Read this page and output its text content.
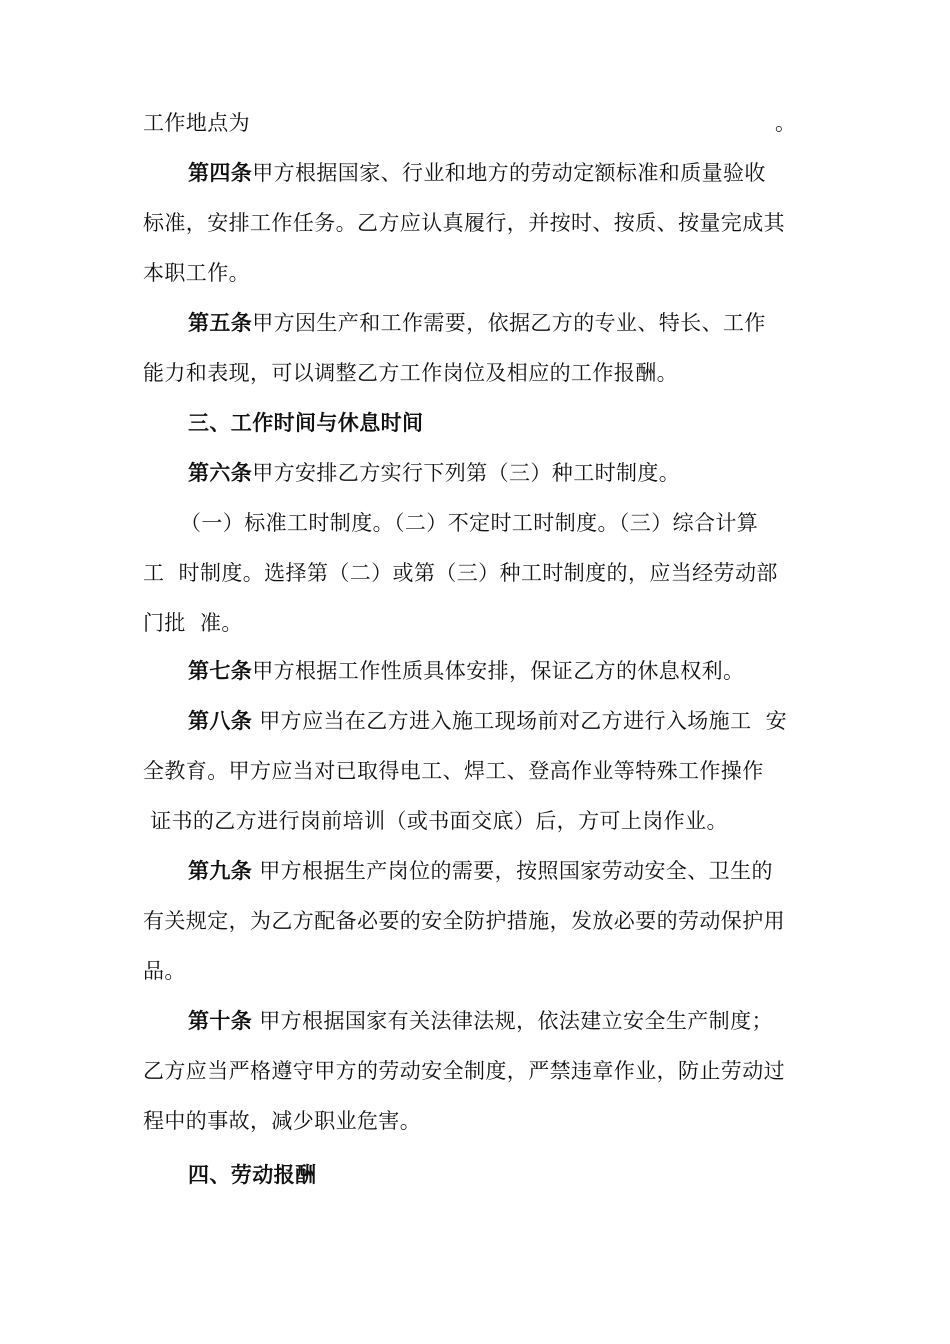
工作地点为	。
第四条甲方根据国家、行业和地方的劳动定额标准和质量验收
标准，安排工作任务。乙方应认真履行，并按时、按质、按量完成其
本职工作。
第五条甲方因生产和工作需要，依据乙方的专业、特长、工作
能力和表现，可以调整乙方工作岗位及相应的工作报酬。
三、工作时间与休息时间
第六条甲方安排乙方实行下列第（三）种工时制度。
（一）标准工时制度。（二）不定时工时制度。（三）综合计算
工  时制度。选择第（二）或第（三）种工时制度的，应当经劳动部
门批  准。
第七条甲方根据工作性质具体安排，保证乙方的休息权利。
第八条 甲方应当在乙方进入施工现场前对乙方进行入场施工  安
全教育。甲方应当对已取得电工、焊工、登高作业等特殊工作操作
证书的乙方进行岗前培训（或书面交底）后，方可上岗作业。
第九条 甲方根据生产岗位的需要，按照国家劳动安全、卫生的
有关规定，为乙方配备必要的安全防护措施，发放必要的劳动保护用
品。
第十条 甲方根据国家有关法律法规，依法建立安全生产制度；
乙方应当严格遵守甲方的劳动安全制度，严禁违章作业，防止劳动过
程中的事故，减少职业危害。
四、劳动报酬
